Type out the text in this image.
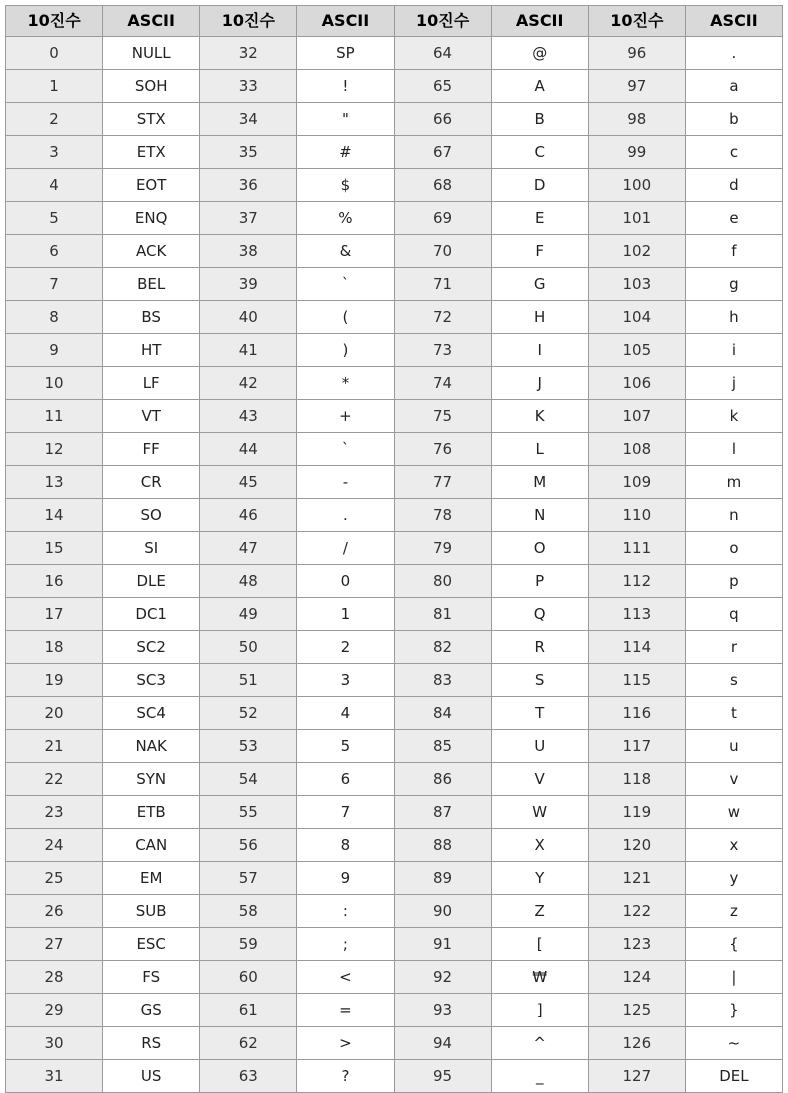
10진수	ASCII	10진수	ASCII	10진수	ASCII	10진수	ASCII
0	NULL	32	SP	64	@	96	.
1	SOH	33	!	65	A	97	a
2	STX	34	"	66	B	98	b
3	ETX	35	#	67	C	99	c
4	EOT	36	$	68	D	100	d
5	ENQ	37	%	69	E	101	e
6	ACK	38	&	70	F	102	f
7	BEL	39	`	71	G	103	g
8	BS	40	(	72	H	104	h
9	HT	41	)	73	I	105	i
10	LF	42	*	74	J	106	j
11	VT	43	+	75	K	107	k
12	FF	44	`	76	L	108	l
13	CR	45	-	77	M	109	m
14	SO	46	.	78	N	110	n
15	SI	47	/	79	O	111	o
16	DLE	48	0	80	P	112	p
17	DC1	49	1	81	Q	113	q
18	SC2	50	2	82	R	114	r
19	SC3	51	3	83	S	115	s
20	SC4	52	4	84	T	116	t
21	NAK	53	5	85	U	117	u
22	SYN	54	6	86	V	118	v
23	ETB	55	7	87	W	119	w
24	CAN	56	8	88	X	120	x
25	EM	57	9	89	Y	121	y
26	SUB	58	:	90	Z	122	z
27	ESC	59	;	91	[	123	{
28	FS	60	<	92	₩	124	|
29	GS	61	=	93	]	125	}
30	RS	62	>	94	^	126	~
31	US	63	?	95	_	127	DEL
